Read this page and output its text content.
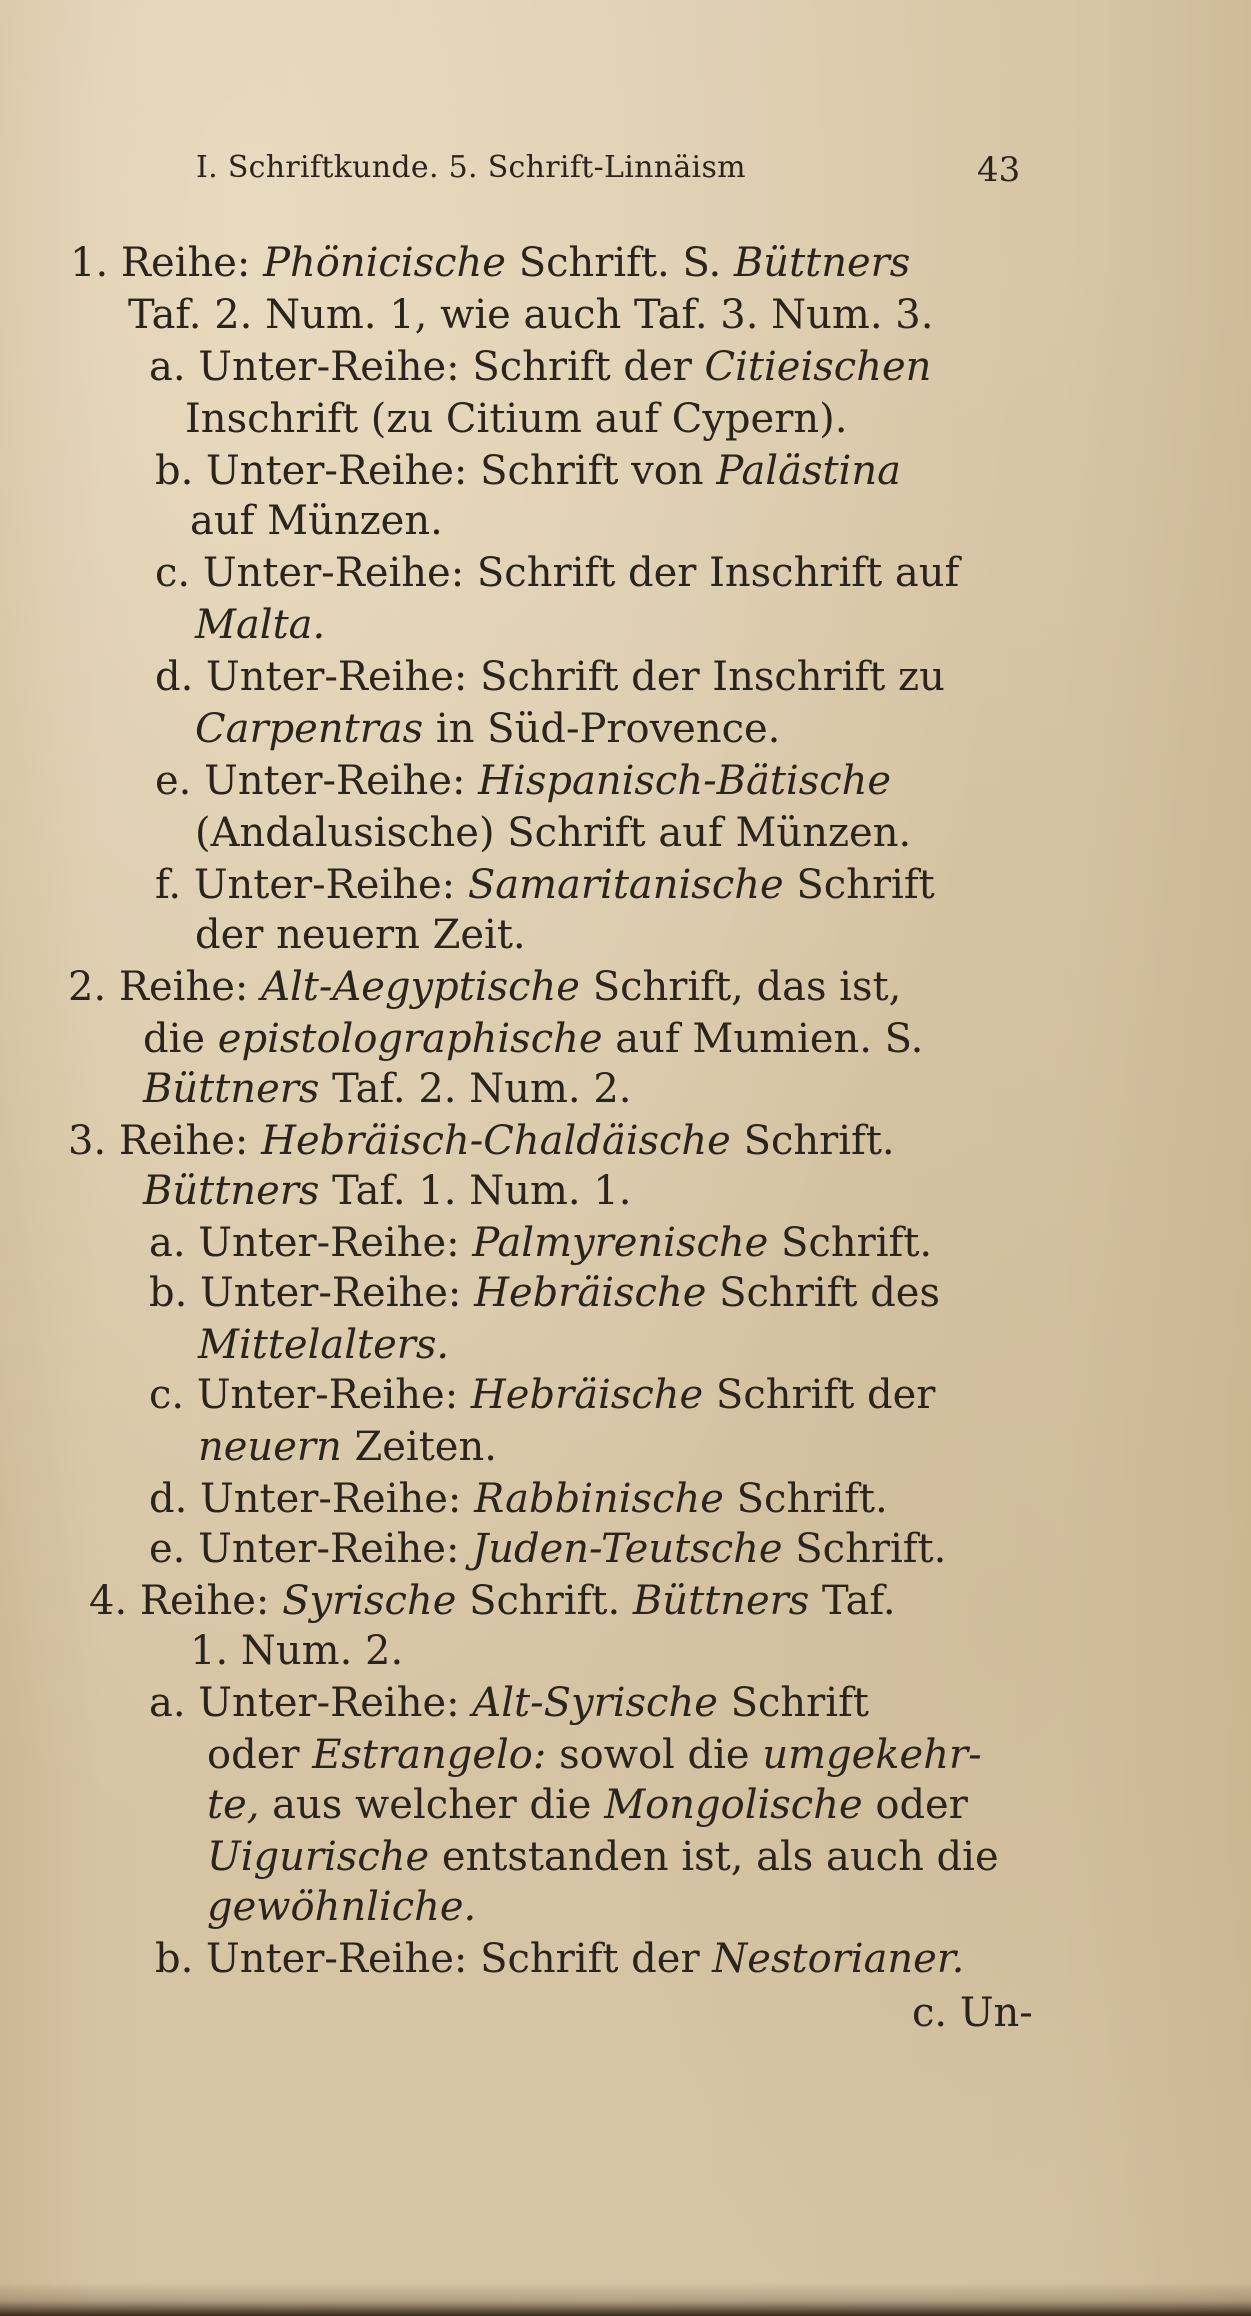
I. Schriftkunde. 5. Schrift-Linnäism	43
1. Reihe: Phönicische Schrift. S. Büttners
Taf. 2. Num. 1, wie auch Taf. 3. Num. 3.
a. Unter-Reihe: Schrift der Citieischen
Inschrift (zu Citium auf Cypern).
b. Unter-Reihe: Schrift von Palästina
auf Münzen.
c. Unter-Reihe: Schrift der Inschrift auf
Malta.
d. Unter-Reihe: Schrift der Inschrift zu
Carpentras in Süd-Provence.
e. Unter-Reihe: Hispanisch-Bätische
(Andalusische) Schrift auf Münzen.
f. Unter-Reihe: Samaritanische Schrift
der neuern Zeit.
2. Reihe: Alt-Aegyptische Schrift, das ist,
die epistolographische auf Mumien. S.
Büttners Taf. 2. Num. 2.
3. Reihe: Hebräisch-Chaldäische Schrift.
Büttners Taf. 1. Num. 1.
a. Unter-Reihe: Palmyrenische Schrift.
b. Unter-Reihe: Hebräische Schrift des
Mittelalters.
c. Unter-Reihe: Hebräische Schrift der
neuern Zeiten.
d. Unter-Reihe: Rabbinische Schrift.
e. Unter-Reihe: Juden-Teutsche Schrift.
4. Reihe: Syrische Schrift. Büttners Taf.
1. Num. 2.
a. Unter-Reihe: Alt-Syrische Schrift
oder Estrangelo: sowol die umgekehr-
te, aus welcher die Mongolische oder
Uigurische entstanden ist, als auch die
gewöhnliche.
b. Unter-Reihe: Schrift der Nestorianer.
c. Un-
